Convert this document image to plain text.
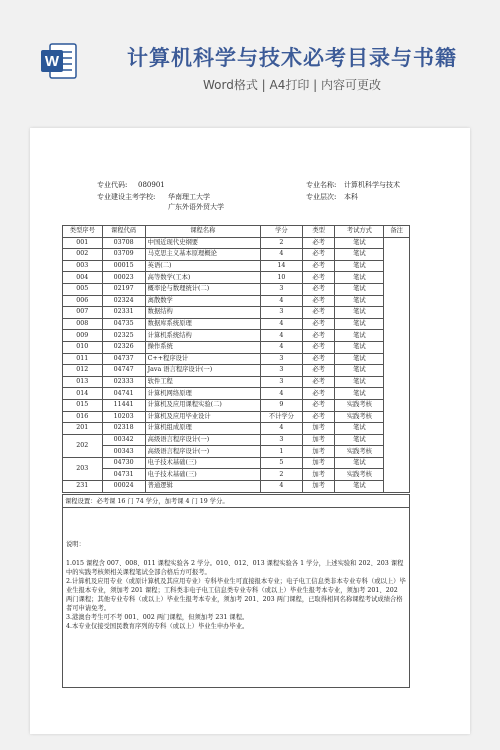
W	计算机科学与技术必考目录与书籍
Word格式 | A4打印 | 内容可更改
专业代码: 080901	专业名称: 计算机科学与技术
专业建设主考学校: 华南理工大学
广东外语外贸大学
专业层次: 本科
类型序号	课程代码	课程名称	学分	类型	考试方式	备注
001	03708	中国近现代史纲要	2	必考	笔试	
002	03709	马克思主义基本原理概论	4	必考	笔试	
003	00015	英语(二)	14	必考	笔试	
004	00023	高等数学(工本)	10	必考	笔试	
005	02197	概率论与数理统计(二)	3	必考	笔试	
006	02324	离散数学	4	必考	笔试	
007	02331	数据结构	3	必考	笔试	
008	04735	数据库系统原理	4	必考	笔试	
009	02325	计算机系统结构	4	必考	笔试	
010	02326	操作系统	4	必考	笔试	
011	04737	C++程序设计	3	必考	笔试	
012	04747	Java 语言程序设计(一)	3	必考	笔试	
013	02333	软件工程	3	必考	笔试	
014	04741	计算机网络原理	4	必考	笔试	
015	11441	计算机及应用课程实验(二)	9	必考	实践考核	
016	10203	计算机及应用毕业设计	不计学分	必考	实践考核	
201	02318	计算机组成原理	4	加考	笔试	
202	00342	高级语言程序设计(一)	3	加考	笔试	
	00343	高级语言程序设计(一)	1	加考	实践考核	
203	04730	电子技术基础(三)	5	加考	笔试	
	04731	电子技术基础(三)	2	加考	实践考核	
231	00024	普通逻辑	4	加考	笔试	
课程设置：必考课 16 门 74 学分，加考课 4 门 19 学分。

说明：

1.015 课程含 007、008、011 课程实验各 2 学分。010、012、013 课程实验各 1 学分，上述实验和 202、203 课程中的实践考核须相关课程笔试全部合格后方可报考。

2.计算机及应用专业（或原计算机及其应用专业）专科毕业生可直接报本专业；电子电工信息类非本专业专科（或以上）毕业生报本专业，须加考 201 课程；工科类非电子电工信息类专业专科（或以上）毕业生报考本专业，须加考 201、202 两门课程；其他专业专科（或以上）毕业生报考本专业，须加考 201、203 两门课程，已取得相同名称课程考试成绩合格者可申请免考。

3.港澳台考生可不考 001、002 两门课程，但须加考 231 课程。

4.本专业仅接受国民教育序列的专科（或以上）毕业生申办毕业。
